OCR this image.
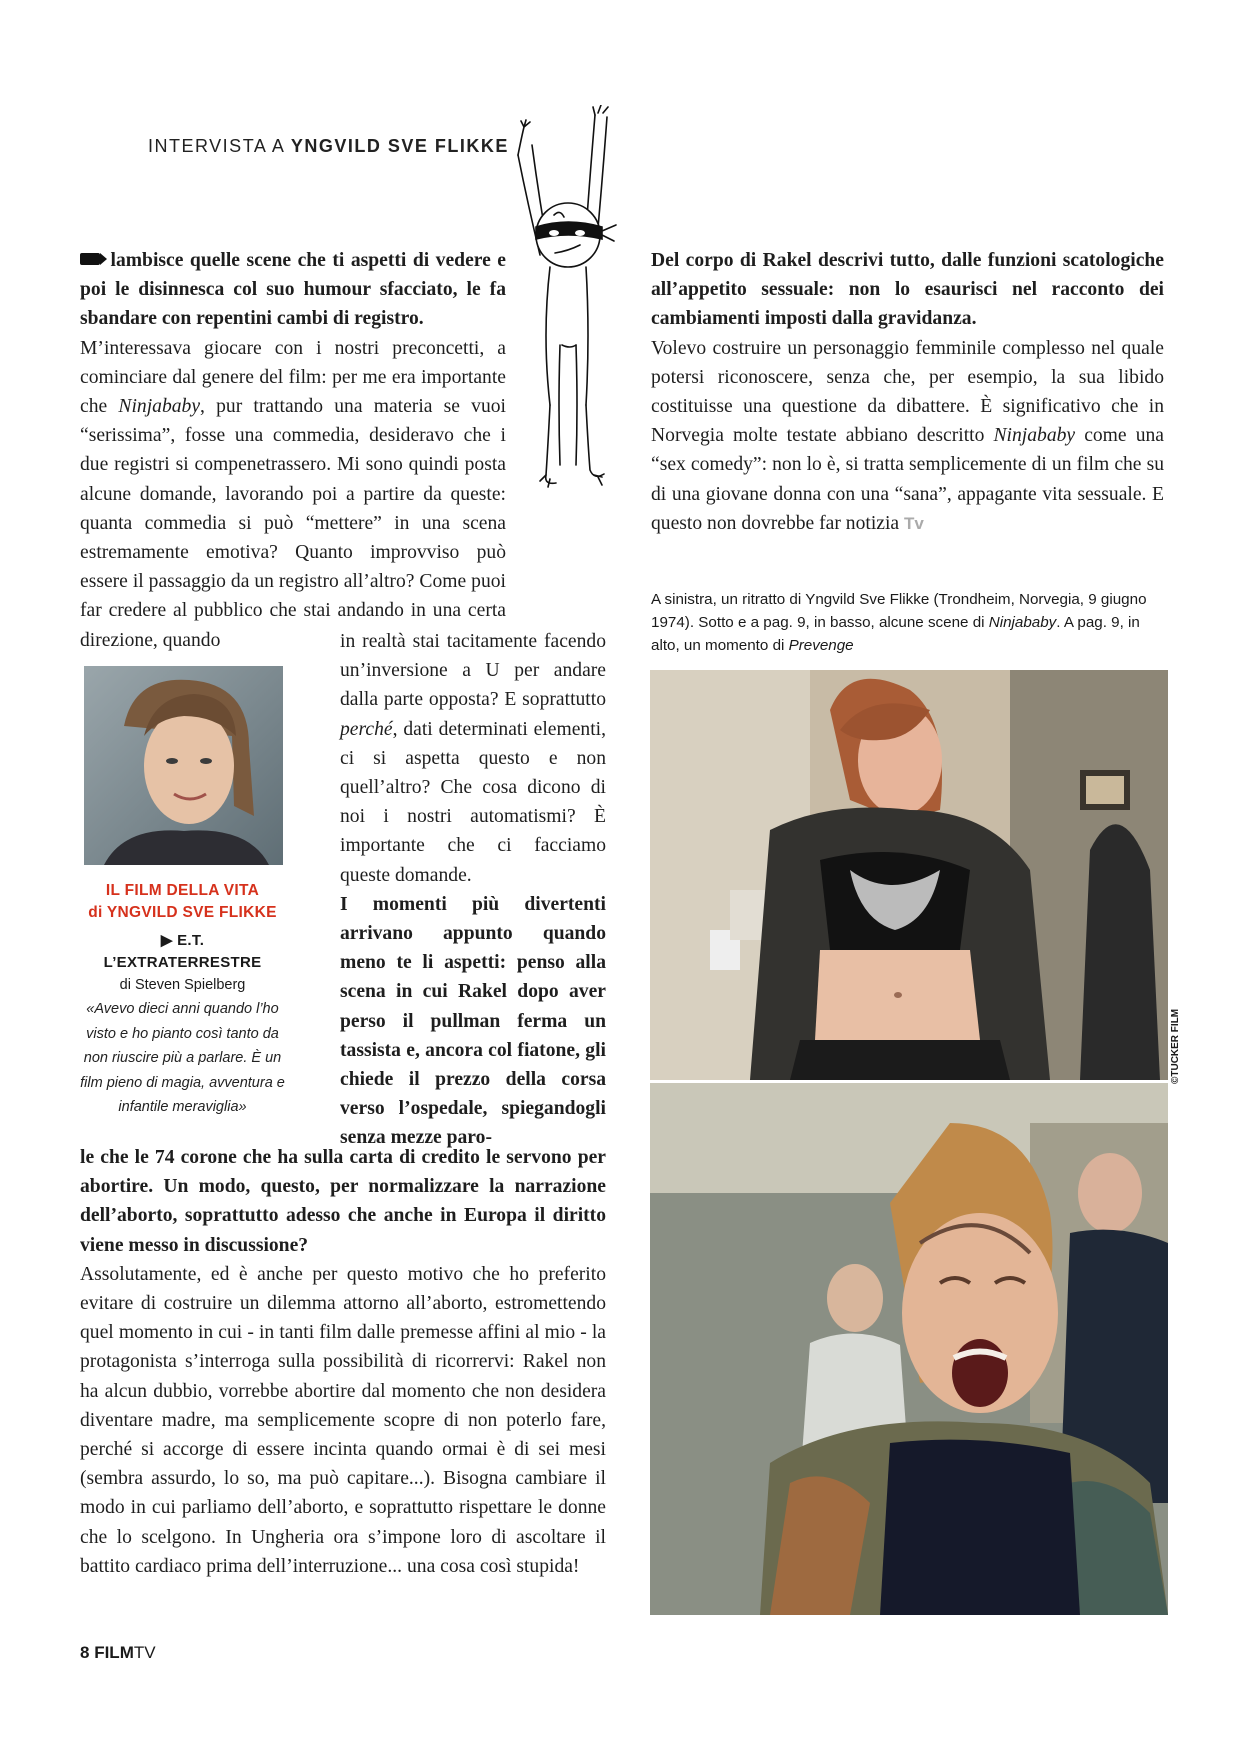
INTERVISTA A YNGVILD SVE FLIKKE

lambisce quelle scene che ti aspetti di vedere e poi le disinnesca col suo humour sfacciato, le fa sbandare con repentini cambi di registro.

M’interessava giocare con i nostri preconcetti, a cominciare dal genere del film: per me era importante che Ninjababy, pur trattando una materia se vuoi “serissima”, fosse una commedia, desideravo che i due registri si compenetrassero. Mi sono quindi posta alcune domande, lavorando poi a partire da queste: quanta commedia si può “mettere” in una scena estremamente emotiva? Quanto improvviso può essere il passaggio da un registro all’altro? Come puoi far credere al pubblico che stai andando in una certa direzione, quando	in realtà stai tacitamente facendo un’inversione a U per andare dalla parte opposta? E soprattutto perché, dati determinati elementi, ci si aspetta questo e non quell’altro? Che cosa dicono di noi i nostri automatismi? È importante che ci facciamo queste domande.

I momenti più divertenti arrivano appunto quando meno te li aspetti: penso alla scena in cui Rakel dopo aver perso il pullman ferma un tassista e, ancora col fiatone, gli chiede il prezzo della corsa verso l’ospedale, spiegandogli senza mezze paro-

le che le 74 corone che ha sulla carta di credito le servono per abortire. Un modo, questo, per normalizzare la narrazione dell’aborto, soprattutto adesso che anche in Europa il diritto viene messo in discussione?

Assolutamente, ed è anche per questo motivo che ho preferito evitare di costruire un dilemma attorno all’aborto, estromettendo quel momento in cui - in tanti film dalle premesse affini al mio - la protagonista s’interroga sulla possibilità di ricorrervi: Rakel non ha alcun dubbio, vorrebbe abortire dal momento che non desidera diventare madre, ma semplicemente scopre di non poterlo fare, perché si accorge di essere incinta quando ormai è di sei mesi (sembra assurdo, lo so, ma può capitare...). Bisogna cambiare il modo in cui parliamo dell’aborto, e soprattutto rispettare le donne che lo scelgono. In Ungheria ora s’impone loro di ascoltare il battito cardiaco prima dell’interruzione... una cosa così stupida!

IL FILM DELLA VITA
di YNGVILD SVE FLIKKE
▶ E.T. L’EXTRATERRESTRE
di Steven Spielberg
«Avevo dieci anni quando l’ho visto e ho pianto così tanto da non riuscire più a parlare. È un film pieno di magia, avventura e infantile meraviglia»

Del corpo di Rakel descrivi tutto, dalle funzioni scatologiche all’appetito sessuale: non lo esaurisci nel racconto dei cambiamenti imposti dalla gravidanza.

Volevo costruire un personaggio femminile complesso nel quale potersi riconoscere, senza che, per esempio, la sua libido costituisse una questione da dibattere. È significativo che in Norvegia molte testate abbiano descritto Ninjababy come una “sex comedy”: non lo è, si tratta semplicemente di un film che su di una giovane donna con una “sana”, appagante vita sessuale. E questo non dovrebbe far notizia Tv

A sinistra, un ritratto di Yngvild Sve Flikke (Trondheim, Norvegia, 9 giugno 1974). Sotto e a pag. 9, in basso, alcune scene di Ninjababy. A pag. 9, in alto, un momento di Prevenge
©TUCKER FILM
8 FILMTV
